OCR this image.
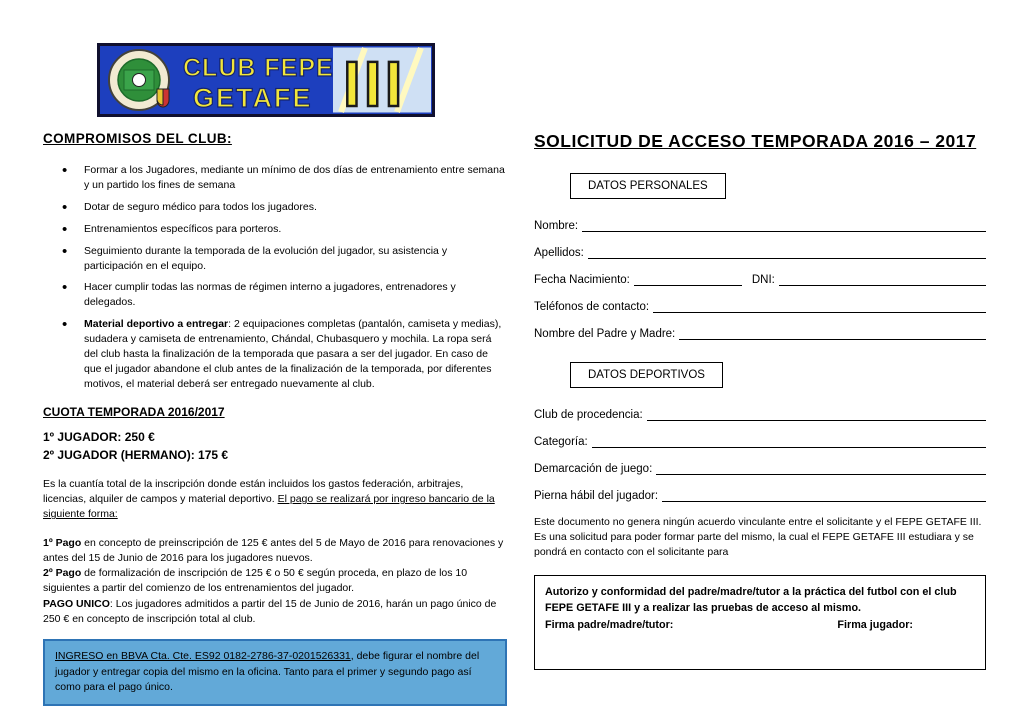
CLUB FEPE
GETAFE III
COMPROMISOS DEL CLUB:
• Formar a los Jugadores, mediante un mínimo de dos días de entrenamiento entre semana y un partido los fines de semana
• Dotar de seguro médico para todos los jugadores.
• Entrenamientos específicos para porteros.
• Seguimiento durante la temporada de la evolución del jugador, su asistencia y participación en el equipo.
• Hacer cumplir todas las normas de régimen interno a jugadores, entrenadores y delegados.
• Material deportivo a entregar: 2 equipaciones completas (pantalón, camiseta y medias), sudadera y camiseta de entrenamiento, Chándal, Chubasquero y mochila. La ropa será del club hasta la finalización de la temporada que pasara a ser del jugador. En caso de que el jugador abandone el club antes de la finalización de la temporada, por diferentes motivos, el material deberá ser entregado nuevamente al club.
CUOTA TEMPORADA 2016/2017
1º JUGADOR: 250 €
2º JUGADOR (HERMANO): 175 €

Es la cuantía total de la inscripción donde están incluidos los gastos federación, arbitrajes, licencias, alquiler de campos y material deportivo. El pago se realizará por ingreso bancario de la siguiente forma:

1º Pago en concepto de preinscripción de 125 € antes del 5 de Mayo de 2016 para renovaciones y antes del 15 de Junio de 2016 para los jugadores nuevos.

2º Pago de formalización de inscripción de 125 € o 50 € según proceda, en plazo de los 10 siguientes a partir del comienzo de los entrenamientos del jugador.

PAGO UNICO: Los jugadores admitidos a partir del 15 de Junio de 2016, harán un pago único de 250 € en concepto de inscripción total al club.

INGRESO en BBVA Cta. Cte. ES92 0182-2786-37-0201526331, debe figurar el nombre del jugador y entregar copia del mismo en la oficina. Tanto para el primer y segundo pago así como para el pago único.
SOLICITUD DE ACCESO TEMPORADA 2016 – 2017
DATOS PERSONALES
Nombre:
Apellidos:
Fecha Nacimiento:	DNI:
Teléfonos de contacto:
Nombre del Padre y Madre:
DATOS DEPORTIVOS
Club de procedencia:
Categoría:
Demarcación de juego:
Pierna hábil del jugador:

Este documento no genera ningún acuerdo vinculante entre el solicitante y el FEPE GETAFE III. Es una solicitud para poder formar parte del mismo, la cual el FEPE GETAFE III estudiara y se pondrá en contacto con el solicitante para

Autorizo y conformidad del padre/madre/tutor a la práctica del futbol con el club FEPE GETAFE III y a realizar las pruebas de acceso al mismo.
Firma padre/madre/tutor:	Firma jugador:
